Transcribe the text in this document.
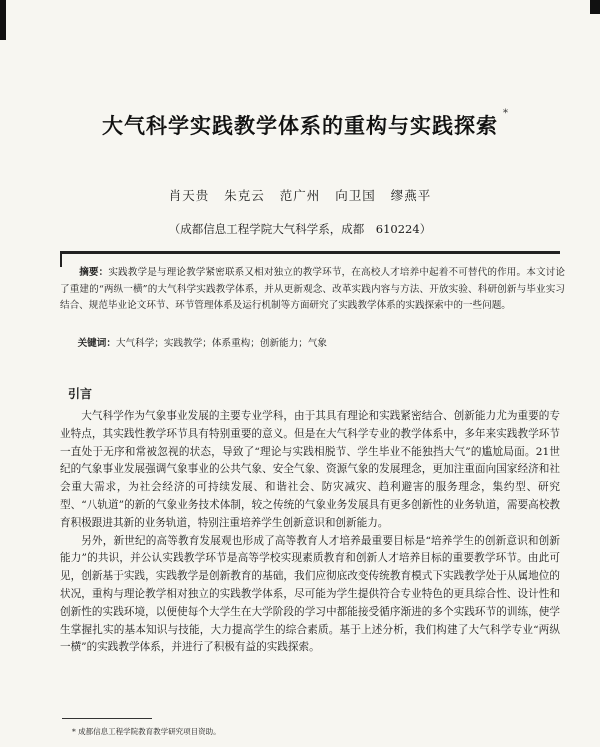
大气科学实践教学体系的重构与实践探索
*
肖天贵 朱克云 范广州 向卫国 缪燕平
（成都信息工程学院大气科学系，成都　610224）
摘要：实践教学是与理论教学紧密联系又相对独立的教学环节，在高校人才培养中起着不可替代的作用。本文讨论了重建的“两纵一横”的大气科学实践教学体系，并从更新观念、改革实践内容与方法、开放实验、科研创新与毕业实习结合、规范毕业论文环节、环节管理体系及运行机制等方面研究了实践教学体系的实践探索中的一些问题。
关键词：大气科学；实践教学；体系重构；创新能力；气象
引言

大气科学作为气象事业发展的主要专业学科，由于其具有理论和实践紧密结合、创新能力尤为重要的专业特点，其实践性教学环节具有特别重要的意义。但是在大气科学专业的教学体系中，多年来实践教学环节一直处于无序和常被忽视的状态，导致了“理论与实践相脱节、学生毕业不能独挡大气”的尴尬局面。21世纪的气象事业发展强调气象事业的公共气象、安全气象、资源气象的发展理念，更加注重面向国家经济和社会重大需求，为社会经济的可持续发展、和谐社会、防灾减灾、趋利避害的服务理念，集约型、研究型、“八轨道”的新的气象业务技术体制，较之传统的气象业务发展具有更多创新性的业务轨道，需要高校教育积极跟进其新的业务轨道，特别注重培养学生创新意识和创新能力。

另外，新世纪的高等教育发展观也形成了高等教育人才培养最重要目标是“培养学生的创新意识和创新能力”的共识，并公认实践教学环节是高等学校实现素质教育和创新人才培养目标的重要教学环节。由此可见，创新基于实践，实践教学是创新教育的基础，我们应彻底改变传统教育模式下实践教学处于从属地位的状况，重构与理论教学相对独立的实践教学体系，尽可能为学生提供符合专业特色的更具综合性、设计性和创新性的实践环境，以便使每个大学生在大学阶段的学习中都能接受循序渐进的多个实践环节的训练，使学生掌握扎实的基本知识与技能，大力提高学生的综合素质。基于上述分析，我们构建了大气科学专业“两纵一横”的实践教学体系，并进行了积极有益的实践探索。

* 成都信息工程学院教育教学研究项目资助。
